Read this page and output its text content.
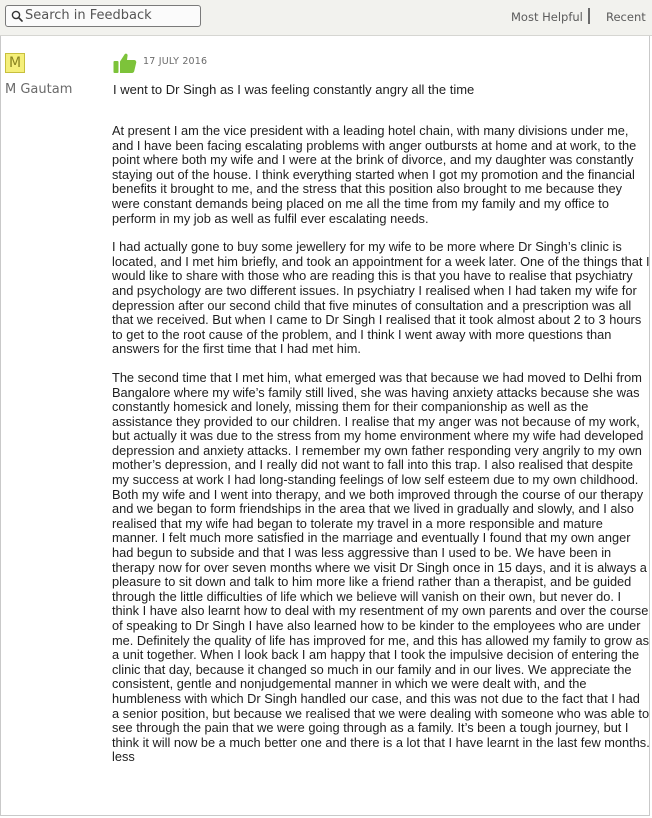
Search in Feedback
Most Helpful Recent
M
M Gautam
17 JULY 2016
I went to Dr Singh as I was feeling constantly angry all the time

At present I am the vice president with a leading hotel chain, with many divisions under me, and I have been facing escalating problems with anger outbursts at home and at work, to the point where both my wife and I were at the brink of divorce, and my daughter was constantly staying out of the house. I think everything started when I got my promotion and the financial benefits it brought to me, and the stress that this position also brought to me because they were constant demands being placed on me all the time from my family and my office to perform in my job as well as fulfil ever escalating needs.

I had actually gone to buy some jewellery for my wife to be more where Dr Singh’s clinic is located, and I met him briefly, and took an appointment for a week later. One of the things that I would like to share with those who are reading this is that you have to realise that psychiatry and psychology are two different issues. In psychiatry I realised when I had taken my wife for depression after our second child that five minutes of consultation and a prescription was all that we received. But when I came to Dr Singh I realised that it took almost about 2 to 3 hours to get to the root cause of the problem, and I think I went away with more questions than answers for the first time that I had met him.

The second time that I met him, what emerged was that because we had moved to Delhi from Bangalore where my wife’s family still lived, she was having anxiety attacks because she was constantly homesick and lonely, missing them for their companionship as well as the assistance they provided to our children. I realise that my anger was not because of my work, but actually it was due to the stress from my home environment where my wife had developed depression and anxiety attacks. I remember my own father responding very angrily to my own mother’s depression, and I really did not want to fall into this trap. I also realised that despite my success at work I had long-standing feelings of low self esteem due to my own childhood. Both my wife and I went into therapy, and we both improved through the course of our therapy and we began to form friendships in the area that we lived in gradually and slowly, and I also realised that my wife had began to tolerate my travel in a more responsible and mature manner. I felt much more satisfied in the marriage and eventually I found that my own anger had begun to subside and that I was less aggressive than I used to be. We have been in therapy now for over seven months where we visit Dr Singh once in 15 days, and it is always a pleasure to sit down and talk to him more like a friend rather than a therapist, and be guided through the little difficulties of life which we believe will vanish on their own, but never do. I think I have also learnt how to deal with my resentment of my own parents and over the course of speaking to Dr Singh I have also learned how to be kinder to the employees who are under me. Definitely the quality of life has improved for me, and this has allowed my family to grow as a unit together. When I look back I am happy that I took the impulsive decision of entering the clinic that day, because it changed so much in our family and in our lives. We appreciate the consistent, gentle and nonjudgemental manner in which we were dealt with, and the humbleness with which Dr Singh handled our case, and this was not due to the fact that I had a senior position, but because we realised that we were dealing with someone who was able to see through the pain that we were going through as a family. It’s been a tough journey, but I think it will now be a much better one and there is a lot that I have learnt in the last few months.

less
